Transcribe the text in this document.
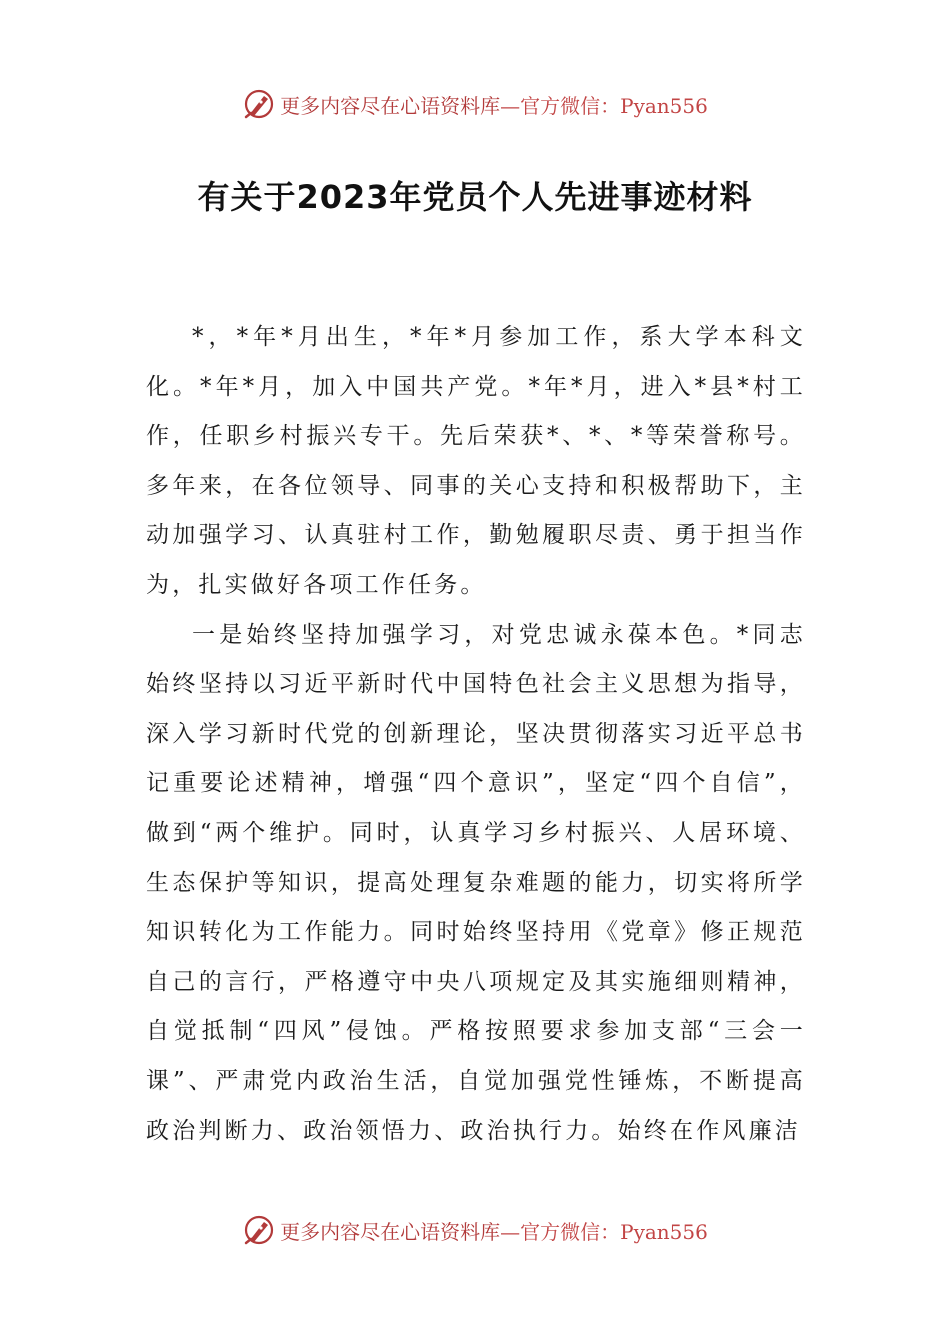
更多内容尽在心语资料库—官方微信：Pyan556
有关于2023年党员个人先进事迹材料

*，*年*月出生，*年*月参加工作，系大学本科文化。*年*月，加入中国共产党。*年*月，进入*县*村工作，任职乡村振兴专干。先后荣获*、*、*等荣誉称号。多年来，在各位领导、同事的关心支持和积极帮助下，主动加强学习、认真驻村工作，勤勉履职尽责、勇于担当作为，扎实做好各项工作任务。

一是始终坚持加强学习，对党忠诚永葆本色。*同志始终坚持以习近平新时代中国特色社会主义思想为指导，深入学习新时代党的创新理论，坚决贯彻落实习近平总书记重要论述精神，增强“四个意识”，坚定“四个自信”，做到“两个维护。同时，认真学习乡村振兴、人居环境、生态保护等知识，提高处理复杂难题的能力，切实将所学知识转化为工作能力。同时始终坚持用《党章》修正规范自己的言行，严格遵守中央八项规定及其实施细则精神，自觉抵制“四风”侵蚀。严格按照要求参加支部“三会一课”、严肃党内政治生活，自觉加强党性锤炼，不断提高政治判断力、政治领悟力、政治执行力。始终在作风廉洁

更多内容尽在心语资料库—官方微信：Pyan556
